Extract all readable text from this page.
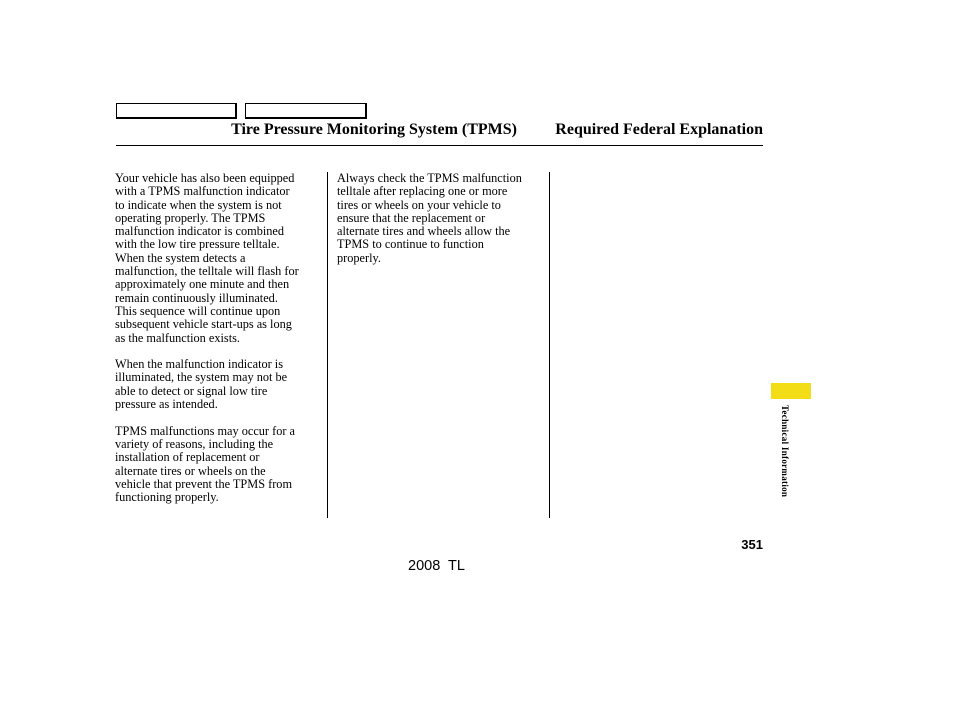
Tire Pressure Monitoring System (TPMS) Required Federal Explanation

Your vehicle has also been equipped
with a TPMS malfunction indicator
to indicate when the system is not
operating properly. The TPMS
malfunction indicator is combined
with the low tire pressure telltale.
When the system detects a
malfunction, the telltale will flash for
approximately one minute and then
remain continuously illuminated.
This sequence will continue upon
subsequent vehicle start-ups as long
as the malfunction exists.

When the malfunction indicator is
illuminated, the system may not be
able to detect or signal low tire
pressure as intended.

TPMS malfunctions may occur for a
variety of reasons, including the
installation of replacement or
alternate tires or wheels on the
vehicle that prevent the TPMS from
functioning properly.

Always check the TPMS malfunction
telltale after replacing one or more
tires or wheels on your vehicle to
ensure that the replacement or
alternate tires and wheels allow the
TPMS to continue to function
properly.

Technical Information
351
2008  TL
